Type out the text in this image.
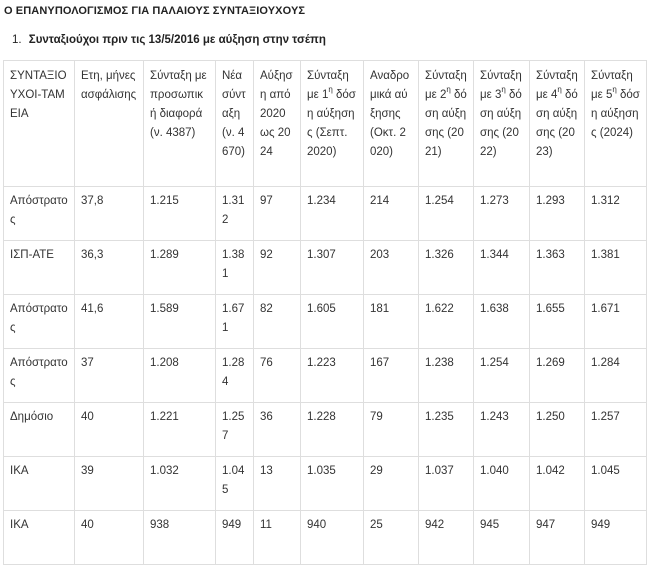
Ο ΕΠΑΝΥΠΟΛΟΓΙΣΜΟΣ ΓΙΑ ΠΑΛΑΙΟΥΣ ΣΥΝΤΑΞΙΟΥΧΟΥΣ
1. Συνταξιούχοι πριν τις 13/5/2016 με αύξηση στην τσέπη
ΣΥΝΤΑΞΙΟΥΧΟΙ-ΤΑΜΕΙΑ	Ετη, μήνες ασφάλισης	Σύνταξη με προσωπική διαφορά (ν. 4387)	Νέα σύνταξη (ν. 4670)	Αύξηση από 2020 ως 2024	Σύνταξη με $1^\eta$ δόση αύξησης (Σεπτ. 2020)	Αναδρομικά αύξησης (Οκτ. 2020)	Σύνταξη με $2^\eta$ δόση αύξησης (2021)	Σύνταξη με $3^\eta$ δόση αύξησης (2022)	Σύνταξη με $4^\eta$ δόση αύξησης (2023)	Σύνταξη με $5^\eta$ δόση αύξησης (2024)
Απόστρατος	37,8	1.215	1.312	97	1.234	214	1.254	1.273	1.293	1.312
ΙΣΠ-ΑΤΕ	36,3	1.289	1.381	92	1.307	203	1.326	1.344	1.363	1.381
Απόστρατος	41,6	1.589	1.671	82	1.605	181	1.622	1.638	1.655	1.671
Απόστρατος	37	1.208	1.284	76	1.223	167	1.238	1.254	1.269	1.284
Δημόσιο	40	1.221	1.257	36	1.228	79	1.235	1.243	1.250	1.257
ΙΚΑ	39	1.032	1.045	13	1.035	29	1.037	1.040	1.042	1.045
ΙΚΑ	40	938	949	11	940	25	942	945	947	949
